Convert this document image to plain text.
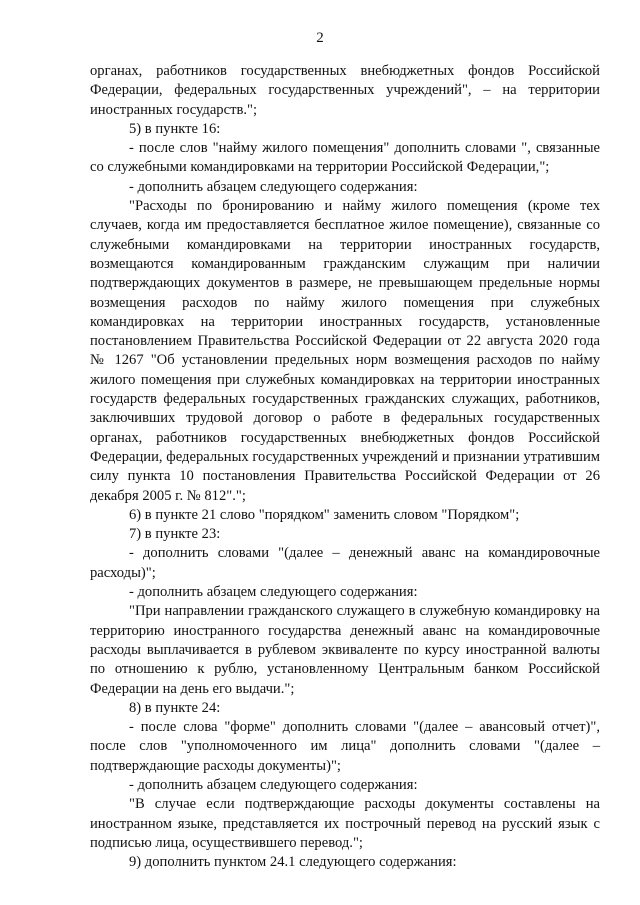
2

органах, работников государственных внебюджетных фондов Российской Федерации, федеральных государственных учреждений", – на территории иностранных государств.";

5) в пункте 16:

- после слов "найму жилого помещения" дополнить словами ", связанные со служебными командировками на территории Российской Федерации,";

- дополнить абзацем следующего содержания:

"Расходы по бронированию и найму жилого помещения (кроме тех случаев, когда им предоставляется бесплатное жилое помещение), связанные со служебными командировками на территории иностранных государств, возмещаются командированным гражданским служащим при наличии подтверждающих документов в размере, не превышающем предельные нормы возмещения расходов по найму жилого помещения при служебных командировках на территории иностранных государств, установленные постановлением Правительства Российской Федерации от 22 августа 2020 года № 1267 "Об установлении предельных норм возмещения расходов по найму жилого помещения при служебных командировках на территории иностранных государств федеральных государственных гражданских служащих, работников, заключивших трудовой договор о работе в федеральных государственных органах, работников государственных внебюджетных фондов Российской Федерации, федеральных государственных учреждений и признании утратившим силу пункта 10 постановления Правительства Российской Федерации от 26 декабря 2005 г. № 812".";

6) в пункте 21 слово "порядком" заменить словом "Порядком";

7) в пункте 23:

- дополнить словами "(далее – денежный аванс на командировочные расходы)";

- дополнить абзацем следующего содержания:

"При направлении гражданского служащего в служебную командировку на территорию иностранного государства денежный аванс на командировочные расходы выплачивается в рублевом эквиваленте по курсу иностранной валюты по отношению к рублю, установленному Центральным банком Российской Федерации на день его выдачи.";

8) в пункте 24:

- после слова "форме" дополнить словами "(далее – авансовый отчет)", после слов "уполномоченного им лица" дополнить словами "(далее – подтверждающие расходы документы)";

- дополнить абзацем следующего содержания:

"В случае если подтверждающие расходы документы составлены на иностранном языке, представляется их построчный перевод на русский язык с подписью лица, осуществившего перевод.";

9) дополнить пунктом 24.1 следующего содержания:
